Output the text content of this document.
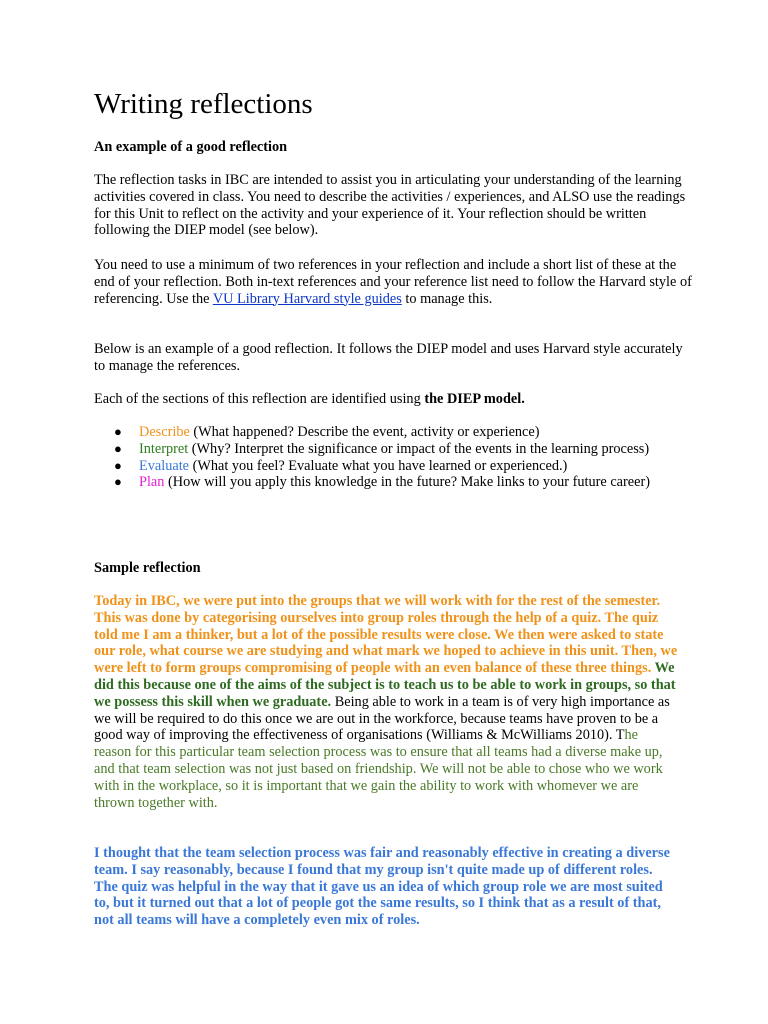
Writing reflections

An example of a good reflection

The reflection tasks in IBC are intended to assist you in articulating your understanding of the learning activities covered in class. You need to describe the activities / experiences, and ALSO use the readings for this Unit to reflect on the activity and your experience of it. Your reflection should be written following the DIEP model (see below).

You need to use a minimum of two references in your reflection and include a short list of these at the end of your reflection. Both in-text references and your reference list need to follow the Harvard style of referencing. Use the VU Library Harvard style guides to manage this.

Below is an example of a good reflection. It follows the DIEP model and uses Harvard style accurately to manage the references.

Each of the sections of this reflection are identified using the DIEP model.

● Describe (What happened? Describe the event, activity or experience)
● Interpret (Why? Interpret the significance or impact of the events in the learning process)
● Evaluate (What you feel? Evaluate what you have learned or experienced.)
● Plan (How will you apply this knowledge in the future? Make links to your future career)

Sample reflection

Today in IBC, we were put into the groups that we will work with for the rest of the semester. This was done by categorising ourselves into group roles through the help of a quiz. The quiz told me I am a thinker, but a lot of the possible results were close. We then were asked to state our role, what course we are studying and what mark we hoped to achieve in this unit. Then, we were left to form groups compromising of people with an even balance of these three things. We did this because one of the aims of the subject is to teach us to be able to work in groups, so that we possess this skill when we graduate. Being able to work in a team is of very high importance as we will be required to do this once we are out in the workforce, because teams have proven to be a good way of improving the effectiveness of organisations (Williams & McWilliams 2010). The reason for this particular team selection process was to ensure that all teams had a diverse make up, and that team selection was not just based on friendship. We will not be able to chose who we work with in the workplace, so it is important that we gain the ability to work with whomever we are thrown together with.

I thought that the team selection process was fair and reasonably effective in creating a diverse team. I say reasonably, because I found that my group isn't quite made up of different roles. The quiz was helpful in the way that it gave us an idea of which group role we are most suited to, but it turned out that a lot of people got the same results, so I think that as a result of that, not all teams will have a completely even mix of roles.
